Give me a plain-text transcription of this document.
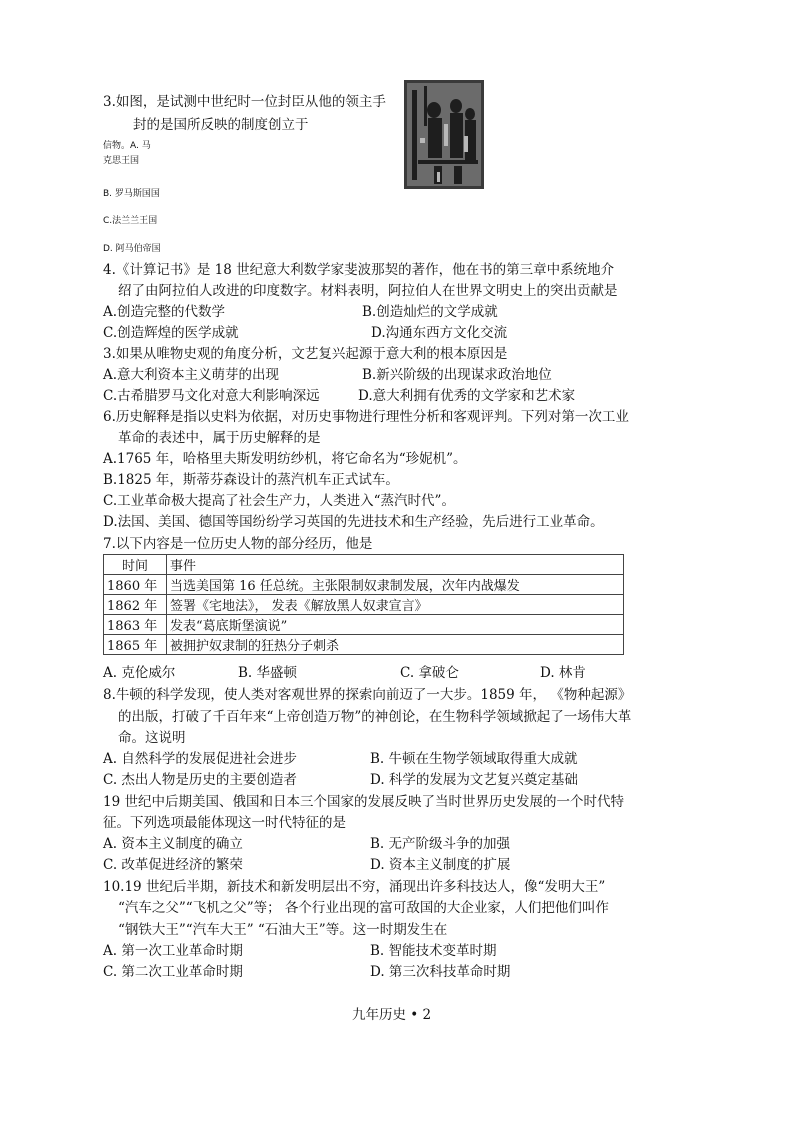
3.如图，是试测中世纪时一位封臣从他的领主手
封的是国所反映的制度创立于
信物。A. 马
克思王国
B. 罗马斯国国
C.法兰兰王国
D. 阿马伯帝国
4.《计算记书》是 18 世纪意大利数学家斐波那契的著作，他在书的第三章中系统地介
绍了由阿拉伯人改进的印度数字。材料表明，阿拉伯人在世界文明史上的突出贡献是
A.创造完整的代数学	B.创造灿烂的文学成就
C.创造辉煌的医学成就	D.沟通东西方文化交流
3.如果从唯物史观的角度分析，文艺复兴起源于意大利的根本原因是
A.意大利资本主义萌芽的出现	B.新兴阶级的出现谋求政治地位
C.古希腊罗马文化对意大利影响深远	D.意大利拥有优秀的文学家和艺术家
6.历史解释是指以史料为依据，对历史事物进行理性分析和客观评判。下列对第一次工业
革命的表述中，属于历史解释的是
A.1765 年，哈格里夫斯发明纺纱机，将它命名为“珍妮机”。
B.1825 年，斯蒂芬森设计的蒸汽机车正式试车。
C.工业革命极大提高了社会生产力，人类进入“蒸汽时代”。
D.法国、美国、德国等国纷纷学习英国的先进技术和生产经验，先后进行工业革命。
7.以下内容是一位历史人物的部分经历，他是
时间	事件
1860 年	当选美国第 16 任总统。主张限制奴隶制发展，次年内战爆发
1862 年	签署《宅地法》， 发表《解放黑人奴隶宣言》
1863 年	发表“葛底斯堡演说”
1865 年	被拥护奴隶制的狂热分子刺杀
A. 克伦威尔	B. 华盛顿	C. 拿破仑	D. 林肯
8.牛顿的科学发现，使人类对客观世界的探索向前迈了一大步。1859 年， 《物种起源》
的出版，打破了千百年来“上帝创造万物”的神创论，在生物科学领域掀起了一场伟大革
命。这说明
A. 自然科学的发展促进社会进步	B. 牛顿在生物学领域取得重大成就
C. 杰出人物是历史的主要创造者	D. 科学的发展为文艺复兴奠定基础
19 世纪中后期美国、俄国和日本三个国家的发展反映了当时世界历史发展的一个时代特
征。下列选项最能体现这一时代特征的是
A. 资本主义制度的确立	B. 无产阶级斗争的加强
C. 改革促进经济的繁荣	D. 资本主义制度的扩展
10.19 世纪后半期，新技术和新发明层出不穷，涌现出许多科技达人，像“发明大王”
“汽车之父”“飞机之父”等； 各个行业出现的富可敌国的大企业家，人们把他们叫作
“钢铁大王”“汽车大王” “石油大王”等。这一时期发生在
A. 第一次工业革命时期	B. 智能技术变革时期
C. 第二次工业革命时期	D. 第三次科技革命时期
九年历史 • 2
